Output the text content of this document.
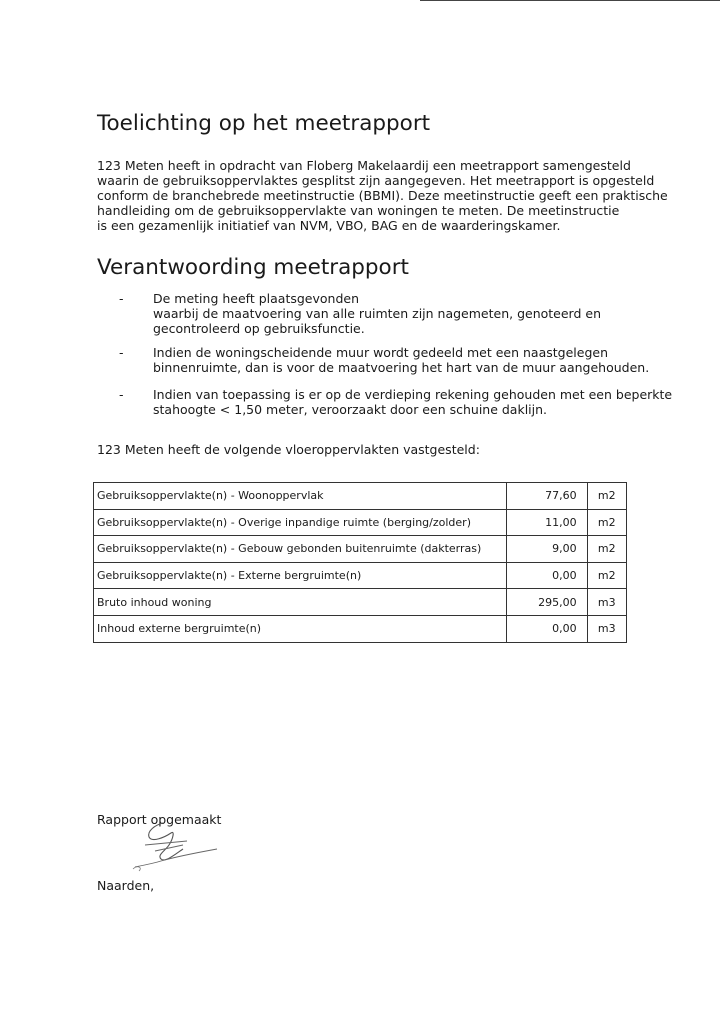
Toelichting op het meetrapport
123 Meten heeft in opdracht van Floberg Makelaardij een meetrapport samengesteld
waarin de gebruiksoppervlaktes gesplitst zijn aangegeven. Het meetrapport is opgesteld
conform de branchebrede meetinstructie (BBMI). Deze meetinstructie geeft een praktische
handleiding om de gebruiksoppervlakte van woningen te meten. De meetinstructie
is een gezamenlijk initiatief van NVM, VBO, BAG en de waarderingskamer.
Verantwoording meetrapport
- De meting heeft plaatsgevonden
waarbij de maatvoering van alle ruimten zijn nagemeten, genoteerd en
gecontroleerd op gebruiksfunctie.
- Indien de woningscheidende muur wordt gedeeld met een naastgelegen
binnenruimte, dan is voor de maatvoering het hart van de muur aangehouden.
- Indien van toepassing is er op de verdieping rekening gehouden met een beperkte
stahoogte < 1,50 meter, veroorzaakt door een schuine daklijn.
123 Meten heeft de volgende vloeroppervlakten vastgesteld:
Gebruiksoppervlakte(n) - Woonoppervlak	77,60	m2
Gebruiksoppervlakte(n) - Overige inpandige ruimte (berging/zolder)	11,00	m2
Gebruiksoppervlakte(n) - Gebouw gebonden buitenruimte (dakterras)	9,00	m2
Gebruiksoppervlakte(n) - Externe bergruimte(n)	0,00	m2
Bruto inhoud woning	295,00	m3
Inhoud externe bergruimte(n)	0,00	m3
Rapport opgemaakt
Naarden,
